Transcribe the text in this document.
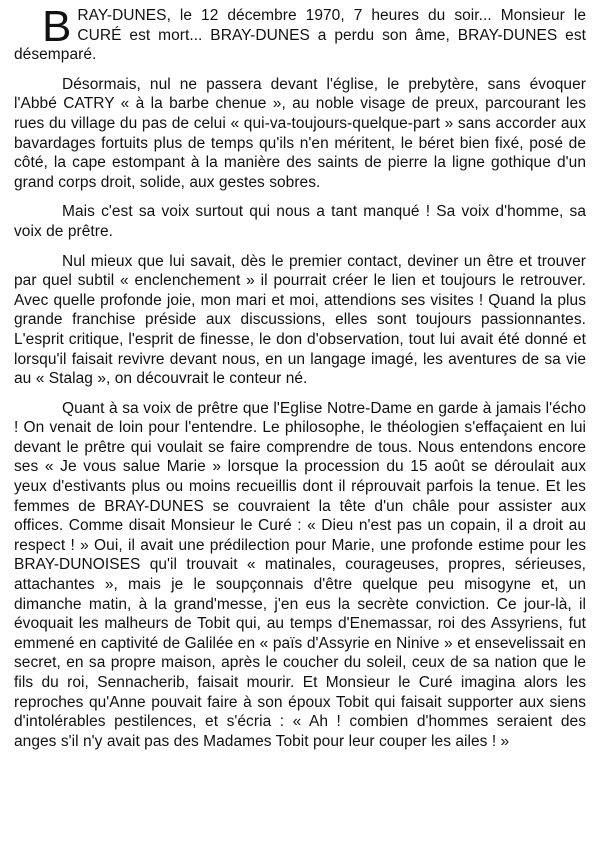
BRAY-DUNES, le 12 décembre 1970, 7 heures du soir... Monsieur le CURÉ est mort... BRAY-DUNES a perdu son âme, BRAY-DUNES est désemparé.

Désormais, nul ne passera devant l'église, le prebytère, sans évoquer l'Abbé CATRY « à la barbe chenue », au noble visage de preux, parcourant les rues du village du pas de celui « qui-va-toujours-quelque-part » sans accorder aux bavardages fortuits plus de temps qu'ils n'en méritent, le béret bien fixé, posé de côté, la cape estompant à la manière des saints de pierre la ligne gothique d'un grand corps droit, solide, aux gestes sobres.

Mais c'est sa voix surtout qui nous a tant manqué ! Sa voix d'homme, sa voix de prêtre.

Nul mieux que lui savait, dès le premier contact, deviner un être et trouver par quel subtil « enclenchement » il pourrait créer le lien et toujours le retrouver. Avec quelle profonde joie, mon mari et moi, attendions ses visites ! Quand la plus grande franchise préside aux discussions, elles sont toujours passionnantes. L'esprit critique, l'esprit de finesse, le don d'observation, tout lui avait été donné et lorsqu'il faisait revivre devant nous, en un langage imagé, les aventures de sa vie au « Stalag », on découvrait le conteur né.

Quant à sa voix de prêtre que l'Eglise Notre-Dame en garde à jamais l'écho ! On venait de loin pour l'entendre. Le philosophe, le théologien s'effaçaient en lui devant le prêtre qui voulait se faire comprendre de tous. Nous entendons encore ses « Je vous salue Marie » lorsque la procession du 15 août se déroulait aux yeux d'estivants plus ou moins recueillis dont il réprouvait parfois la tenue. Et les femmes de BRAY-DUNES se couvraient la tête d'un châle pour assister aux offices. Comme disait Monsieur le Curé : « Dieu n'est pas un copain, il a droit au respect ! » Oui, il avait une prédilection pour Marie, une profonde estime pour les BRAY-DUNOISES qu'il trouvait « matinales, courageuses, propres, sérieuses, attachantes », mais je le soupçonnais d'être quelque peu misogyne et, un dimanche matin, à la grand'messe, j'en eus la secrète conviction. Ce jour-là, il évoquait les malheurs de Tobit qui, au temps d'Enemassar, roi des Assyriens, fut emmené en captivité de Galilée en « païs d'Assyrie en Ninive » et ensevelissait en secret, en sa propre maison, après le coucher du soleil, ceux de sa nation que le fils du roi, Sennacherib, faisait mourir. Et Monsieur le Curé imagina alors les reproches qu'Anne pouvait faire à son époux Tobit qui faisait supporter aux siens d'intolérables pestilences, et s'écria : « Ah ! combien d'hommes seraient des anges s'il n'y avait pas des Madames Tobit pour leur couper les ailes ! »
